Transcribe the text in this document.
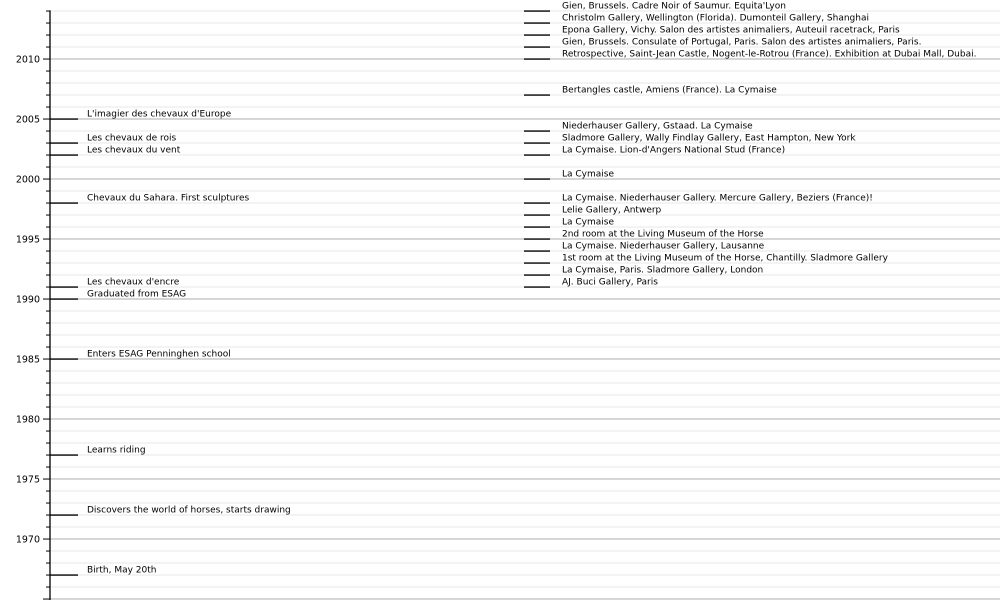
2010
2005
2000
1995
1990
1985
1980
1975
1970
L'imagier des chevaux d'Europe
Les chevaux de rois
Les chevaux du vent
Chevaux du Sahara. First sculptures
Les chevaux d'encre
Graduated from ESAG
Enters ESAG Penninghen school
Learns riding
Discovers the world of horses, starts drawing
Birth, May 20th
Gien, Brussels. Cadre Noir of Saumur. Equita'Lyon
Christolm Gallery, Wellington (Florida). Dumonteil Gallery, Shanghai
Epona Gallery, Vichy. Salon des artistes animaliers, Auteuil racetrack, Paris
Gien, Brussels. Consulate of Portugal, Paris. Salon des artistes animaliers, Paris.
Retrospective, Saint-Jean Castle, Nogent-le-Rotrou (France). Exhibition at Dubai Mall, Dubai.
Bertangles castle, Amiens (France). La Cymaise
Niederhauser Gallery, Gstaad. La Cymaise
Sladmore Gallery, Wally Findlay Gallery, East Hampton, New York
La Cymaise. Lion-d'Angers National Stud (France)
La Cymaise
La Cymaise. Niederhauser Gallery. Mercure Gallery, Beziers (France)!
Lelie Gallery, Antwerp
La Cymaise
2nd room at the Living Museum of the Horse
La Cymaise. Niederhauser Gallery, Lausanne
1st room at the Living Museum of the Horse, Chantilly. Sladmore Gallery
La Cymaise, Paris. Sladmore Gallery, London
AJ. Buci Gallery, Paris
